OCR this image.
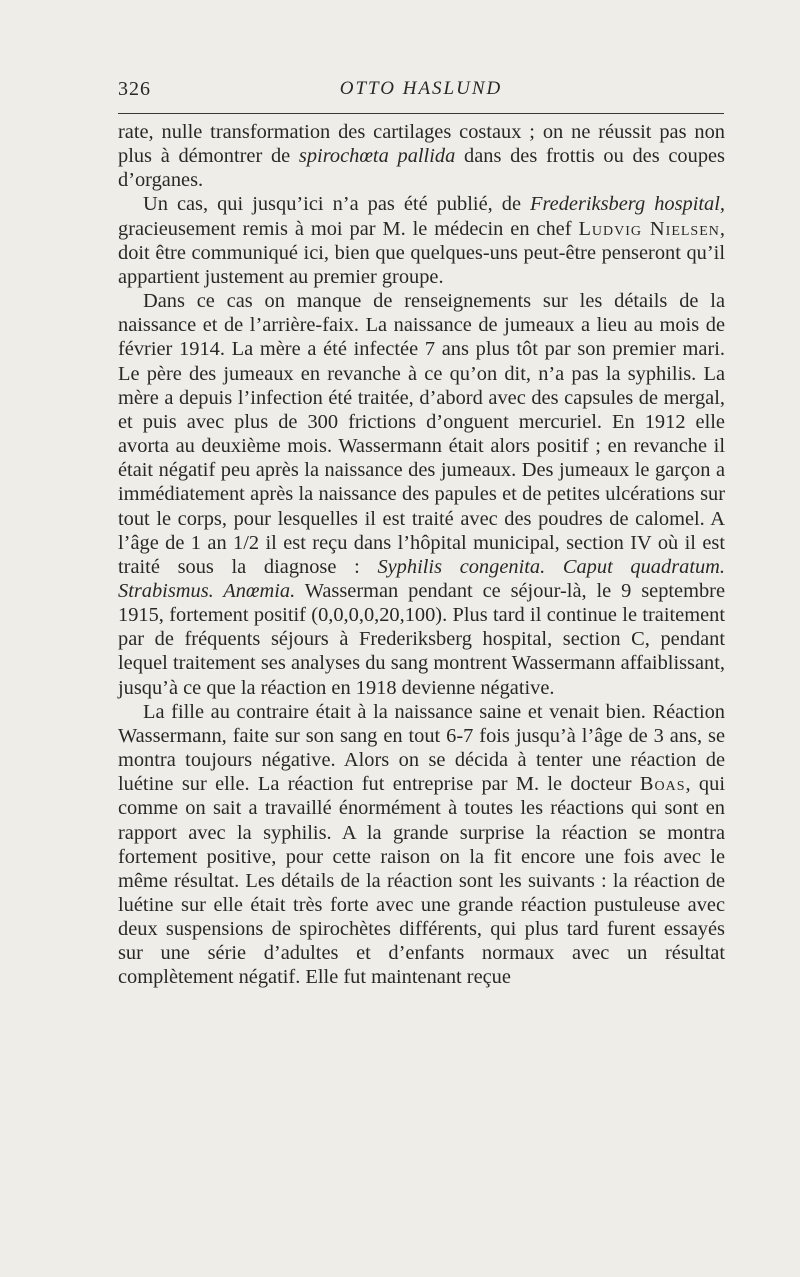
326	OTTO HASLUND

rate, nulle transformation des cartilages costaux ; on ne réussit pas non plus à démontrer de spirochœta pallida dans des frottis ou des coupes d’organes.

Un cas, qui jusqu’ici n’a pas été publié, de Frederiksberg hospital, gracieusement remis à moi par M. le médecin en chef Ludvig Nielsen, doit être communiqué ici, bien que quelques-uns peut-être penseront qu’il appartient justement au premier groupe.

Dans ce cas on manque de renseignements sur les détails de la naissance et de l’arrière-faix. La naissance de jumeaux a lieu au mois de février 1914. La mère a été infectée 7 ans plus tôt par son premier mari. Le père des jumeaux en revanche à ce qu’on dit, n’a pas la syphilis. La mère a depuis l’infection été traitée, d’abord avec des capsules de mergal, et puis avec plus de 300 frictions d’onguent mercuriel. En 1912 elle avorta au deuxième mois. Wassermann était alors positif ; en revanche il était négatif peu après la naissance des jumeaux. Des jumeaux le garçon a immédiatement après la naissance des papules et de petites ulcérations sur tout le corps, pour lesquelles il est traité avec des poudres de calomel. A l’âge de 1 an 1/2 il est reçu dans l’hôpital municipal, section IV où il est traité sous la diagnose : Syphilis congenita. Caput quadratum. Strabismus. Anœmia. Wasserman pendant ce séjour-là, le 9 septembre 1915, fortement positif (0,0,0,0,20,100). Plus tard il continue le traitement par de fréquents séjours à Frederiksberg hospital, section C, pendant lequel traitement ses analyses du sang montrent Wassermann affaiblissant, jusqu’à ce que la réaction en 1918 devienne négative.

La fille au contraire était à la naissance saine et venait bien. Réaction Wassermann, faite sur son sang en tout 6-7 fois jusqu’à l’âge de 3 ans, se montra toujours négative. Alors on se décida à tenter une réaction de luétine sur elle. La réaction fut entreprise par M. le docteur Boas, qui comme on sait a travaillé énormément à toutes les réactions qui sont en rapport avec la syphilis. A la grande surprise la réaction se montra fortement positive, pour cette raison on la fit encore une fois avec le même résultat. Les détails de la réaction sont les suivants : la réaction de luétine sur elle était très forte avec une grande réaction pustuleuse avec deux suspensions de spirochètes différents, qui plus tard furent essayés sur une série d’adultes et d’enfants normaux avec un résultat complètement négatif. Elle fut maintenant reçue
